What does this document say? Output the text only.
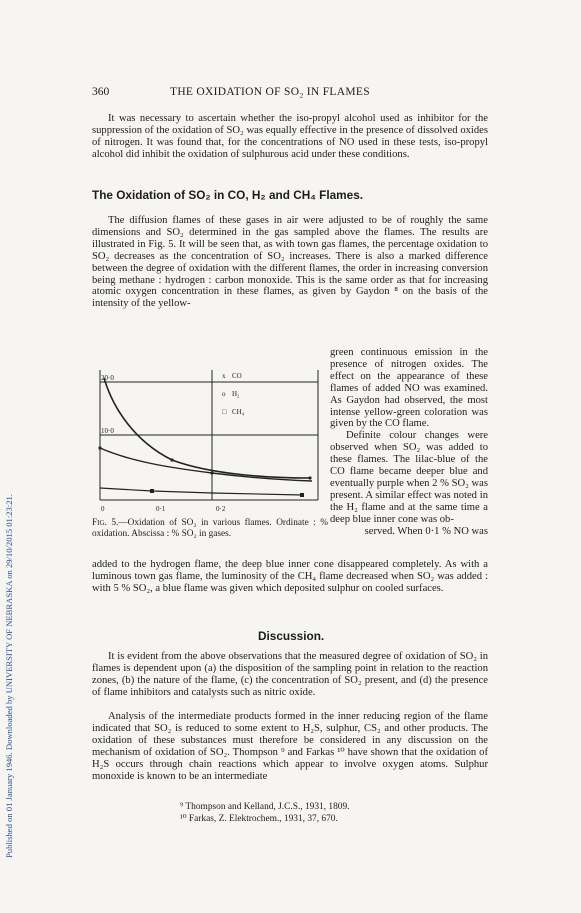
Published on 01 January 1946. Downloaded by UNIVERSITY OF NEBRASKA on 29/10/2015 01:23:21.
360	THE OXIDATION OF SO₂ IN FLAMES

It was necessary to ascertain whether the iso-propyl alcohol used as inhibitor for the suppression of the oxidation of SO₂ was equally effective in the presence of dissolved oxides of nitrogen. It was found that, for the concentrations of NO used in these tests, iso-propyl alcohol did inhibit the oxidation of sulphurous acid under these conditions.

The Oxidation of SO₂ in CO, H₂ and CH₄ Flames.

The diffusion flames of these gases in air were adjusted to be of roughly the same dimensions and SO₂ determined in the gas sampled above the flames. The results are illustrated in Fig. 5. It will be seen that, as with town gas flames, the percentage oxidation to SO₂ decreases as the concentration of SO₂ increases. There is also a marked difference between the degree of oxidation with the different flames, the order in increasing conversion being methane : hydrogen : carbon monoxide. This is the same order as that for increasing atomic oxygen concentration in these flames, as given by Gaydon ⁸ on the basis of the intensity of the yellow-

20·0
10·0
0	0·1	0·2
x CO
o H₂
□ CH₄
Fig. 5.—Oxidation of SO₂ in various flames. Ordinate : % oxidation. Abscissa : % SO₂ in gases.

green continuous emission in the presence of nitrogen oxides. The effect on the appearance of these flames of added NO was examined. As Gaydon had observed, the most intense yellow-green coloration was given by the CO flame.

Definite colour changes were observed when SO₂ was added to these flames. The lilac-blue of the CO flame became deeper blue and eventually purple when 2 % SO₂ was present. A similar effect was noted in the H₂ flame and at the same time a deep blue inner cone was ob-

served. When 0·1 % NO was

added to the hydrogen flame, the deep blue inner cone disappeared completely. As with a luminous town gas flame, the luminosity of the CH₄ flame decreased when SO₂ was added : with 5 % SO₂, a blue flame was given which deposited sulphur on cooled surfaces.

Discussion.

It is evident from the above observations that the measured degree of oxidation of SO₂ in flames is dependent upon (a) the disposition of the sampling point in relation to the reaction zones, (b) the nature of the flame, (c) the concentration of SO₂ present, and (d) the presence of flame inhibitors and catalysts such as nitric oxide.

Analysis of the intermediate products formed in the inner reducing region of the flame indicated that SO₂ is reduced to some extent to H₂S, sulphur, CS₂ and other products. The oxidation of these substances must therefore be considered in any discussion on the mechanism of oxidation of SO₂. Thompson ⁹ and Farkas ¹⁰ have shown that the oxidation of H₂S occurs through chain reactions which appear to involve oxygen atoms. Sulphur monoxide is known to be an intermediate

⁹ Thompson and Kelland, J.C.S., 1931, 1809.
¹⁰ Farkas, Z. Elektrochem., 1931, 37, 670.
